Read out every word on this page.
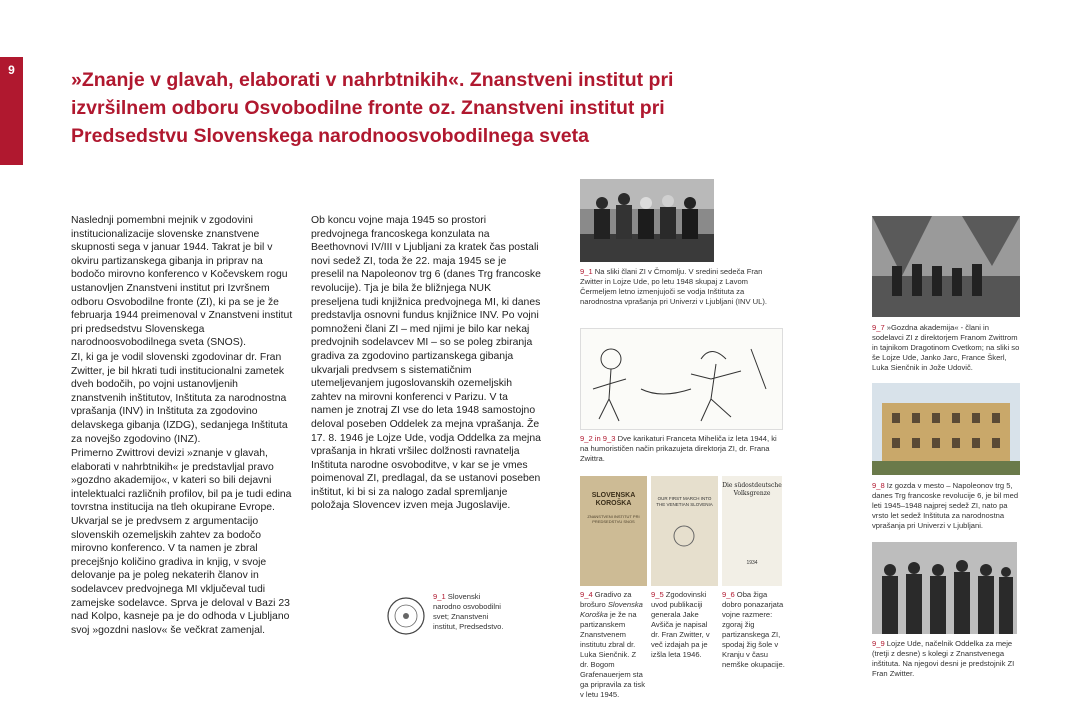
9	»Znanje v glavah, elaborati v nahrbtnikih«. Znanstveni institut pri izvršilnem odboru Osvobodilne fronte oz. Znanstveni institut pri Predsedstvu Slovenskega narodnoosvobodilnega sveta

Naslednji pomembni mejnik v zgodovini institucionalizacije slovenske znanstvene skupnosti sega v januar 1944. Takrat je bil v okviru partizanskega gibanja in priprav na bodočo mirovno konferenco v Kočevskem rogu ustanovljen Znanstveni institut pri Izvršnem odboru Osvobodilne fronte (ZI), ki pa se je že februarja 1944 preimenoval v Znanstveni institut pri predsedstvu Slovenskega narodnoosvobodilnega sveta (SNOS).

ZI, ki ga je vodil slovenski zgodovinar dr. Fran Zwitter, je bil hkrati tudi institucionalni zametek dveh bodočih, po vojni ustanovljenih znanstvenih inštitutov, Inštituta za narodnostna vprašanja (INV) in Inštituta za zgodovino delavskega gibanja (IZDG), sedanjega Inštituta za novejšo zgodovino (INZ).

Primerno Zwittrovi devizi »znanje v glavah, elaborati v nahrbtnikih« je predstavljal pravo »gozdno akademijo«, v kateri so bili dejavni intelektualci različnih profilov, bil pa je tudi edina tovrstna institucija na tleh okupirane Evrope. Ukvarjal se je predvsem z argumentacijo slovenskih ozemeljskih zahtev za bodočo mirovno konferenco. V ta namen je zbral precejšnjo količino gradiva in knjig, v svoje delovanje pa je poleg nekaterih članov in sodelavcev predvojnega MI vključeval tudi zamejske sodelavce. Sprva je deloval v Bazi 23 nad Kolpo, kasneje pa je do odhoda v Ljubljano svoj »gozdni naslov« še večkrat zamenjal.

Ob koncu vojne maja 1945 so prostori predvojnega francoskega konzulata na Beethovnovi IV/III v Ljubljani za kratek čas postali novi sedež ZI, toda že 22. maja 1945 se je preselil na Napoleonov trg 6 (danes Trg francoske revolucije). Tja je bila že bližnjega NUK preseljena tudi knjižnica predvojnega MI, ki danes predstavlja osnovni fundus knjižnice INV. Po vojni pomnoženi člani ZI – med njimi je bilo kar nekaj predvojnih sodelavcev MI – so se poleg zbiranja gradiva za zgodovino partizanskega gibanja ukvarjali predvsem s sistematičnim utemeljevanjem jugoslovanskih ozemeljskih zahtev na mirovni konferenci v Parizu. V ta namen je znotraj ZI vse do leta 1948 samostojno deloval poseben Oddelek za mejna vprašanja. Že 17. 8. 1946 je Lojze Ude, vodja Oddelka za mejna vprašanja in hkrati vršilec dolžnosti ravnatelja Inštituta narodne osvoboditve, v kar se je vmes poimenoval ZI, predlagal, da se ustanovi poseben inštitut, ki bi si za nalogo zadal spremljanje položaja Slovencev izven meja Jugoslavije.

9_1 Na sliki člani ZI v Črnomlju. V sredini sedeča Fran Zwitter in Lojze Ude, po letu 1948 skupaj z Lavom Čermeljem letno izmenjujoči se vodja Inštituta za narodnostna vprašanja pri Univerzi v Ljubljani (INV UL).
9_2 in 9_3 Dve karikaturi Franceta Miheliča iz leta 1944, ki na humorističen način prikazujeta direktorja ZI, dr. Frana Zwittra.
SLOVENSKA KOROŠKA
ZNANSTVENI INSTITUT PRI PREDSEDSTVU SNOS
OUR FIRST MARCH INTO THE VENETIAN SLOVENIA
Die südostdeutsche Volksgrenze
1934
9_1 Slovenski narodno osvobodilni svet; Znanstveni institut, Predsedstvo.
9_4 Gradivo za brošuro Slovenska Koroška je že na partizanskem Znanstvenem institutu zbral dr. Luka Sienčnik. Z dr. Bogom Grafenauerjem sta ga pripravila za tisk v letu 1945.
9_5 Zgodovinski uvod publikaciji generala Jake Avšiča je napisal dr. Fran Zwitter, v več izdajah pa je izšla leta 1946.
9_6 Oba žiga dobro ponazarjata vojne razmere: zgoraj žig partizanskega ZI, spodaj žig šole v Kranju v času nemške okupacije.
9_7 »Gozdna akademija« - člani in sodelavci ZI z direktorjem Franom Zwittrom in tajnikom Dragotinom Cvetkom; na sliki so še Lojze Ude, Janko Jarc, France Škerl, Luka Sienčnik in Jože Udovič.
9_8 Iz gozda v mesto – Napoleonov trg 5, danes Trg francoske revolucije 6, je bil med leti 1945–1948 najprej sedež ZI, nato pa vrsto let sedež Inštituta za narodnostna vprašanja pri Univerzi v Ljubljani.
9_9 Lojze Ude, načelnik Oddelka za meje (tretji z desne) s kolegi z Znanstvenega inštituta. Na njegovi desni je predstojnik ZI Fran Zwitter.
